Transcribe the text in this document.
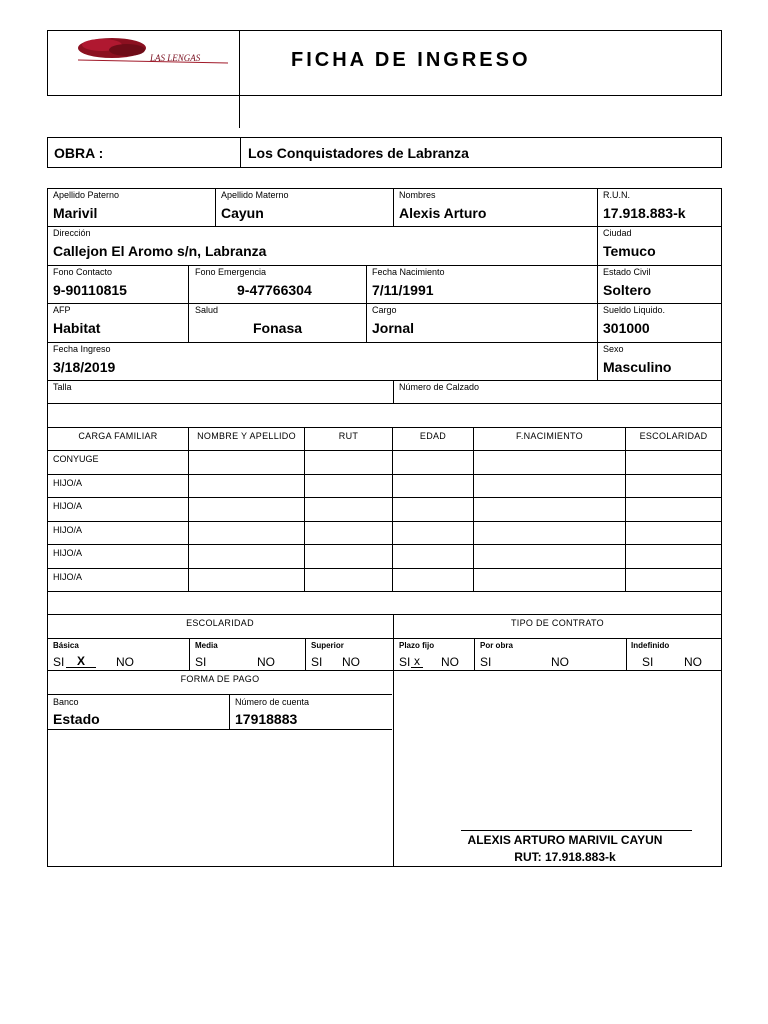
LAS LENGAS	FICHA DE INGRESO
OBRA :	Los Conquistadores de Labranza
Apellido Paterno
Marivil
Apellido Materno
Cayun
Nombres
Alexis Arturo
R.U.N.
17.918.883-k
Dirección
Callejon El Aromo s/n, Labranza
Ciudad
Temuco
Fono Contacto
9-90110815
Fono Emergencia
9-47766304
Fecha Nacimiento
7/11/1991
Estado Civil
Soltero
AFP
Habitat
Salud
Fonasa
Cargo
Jornal
Sueldo Liquido.
301000
Fecha Ingreso
3/18/2019
Sexo
Masculino
Talla	Número de Calzado
CARGA FAMILIAR	NOMBRE Y APELLIDO	RUT	EDAD	F.NACIMIENTO	ESCOLARIDAD
CONYUGE
HIJO/A
HIJO/A
HIJO/A
HIJO/A
HIJO/A
ESCOLARIDAD	TIPO DE CONTRATO
Básica
SI	X	NO
Media
SI	NO
Superior
SI NO
Plazo fijo
SI x NO
Por obra
SI	NO
Indefinido
SI	NO
FORMA DE PAGO
Banco
Estado
Número de cuenta
17918883
ALEXIS ARTURO MARIVIL CAYUN
RUT: 17.918.883-k
